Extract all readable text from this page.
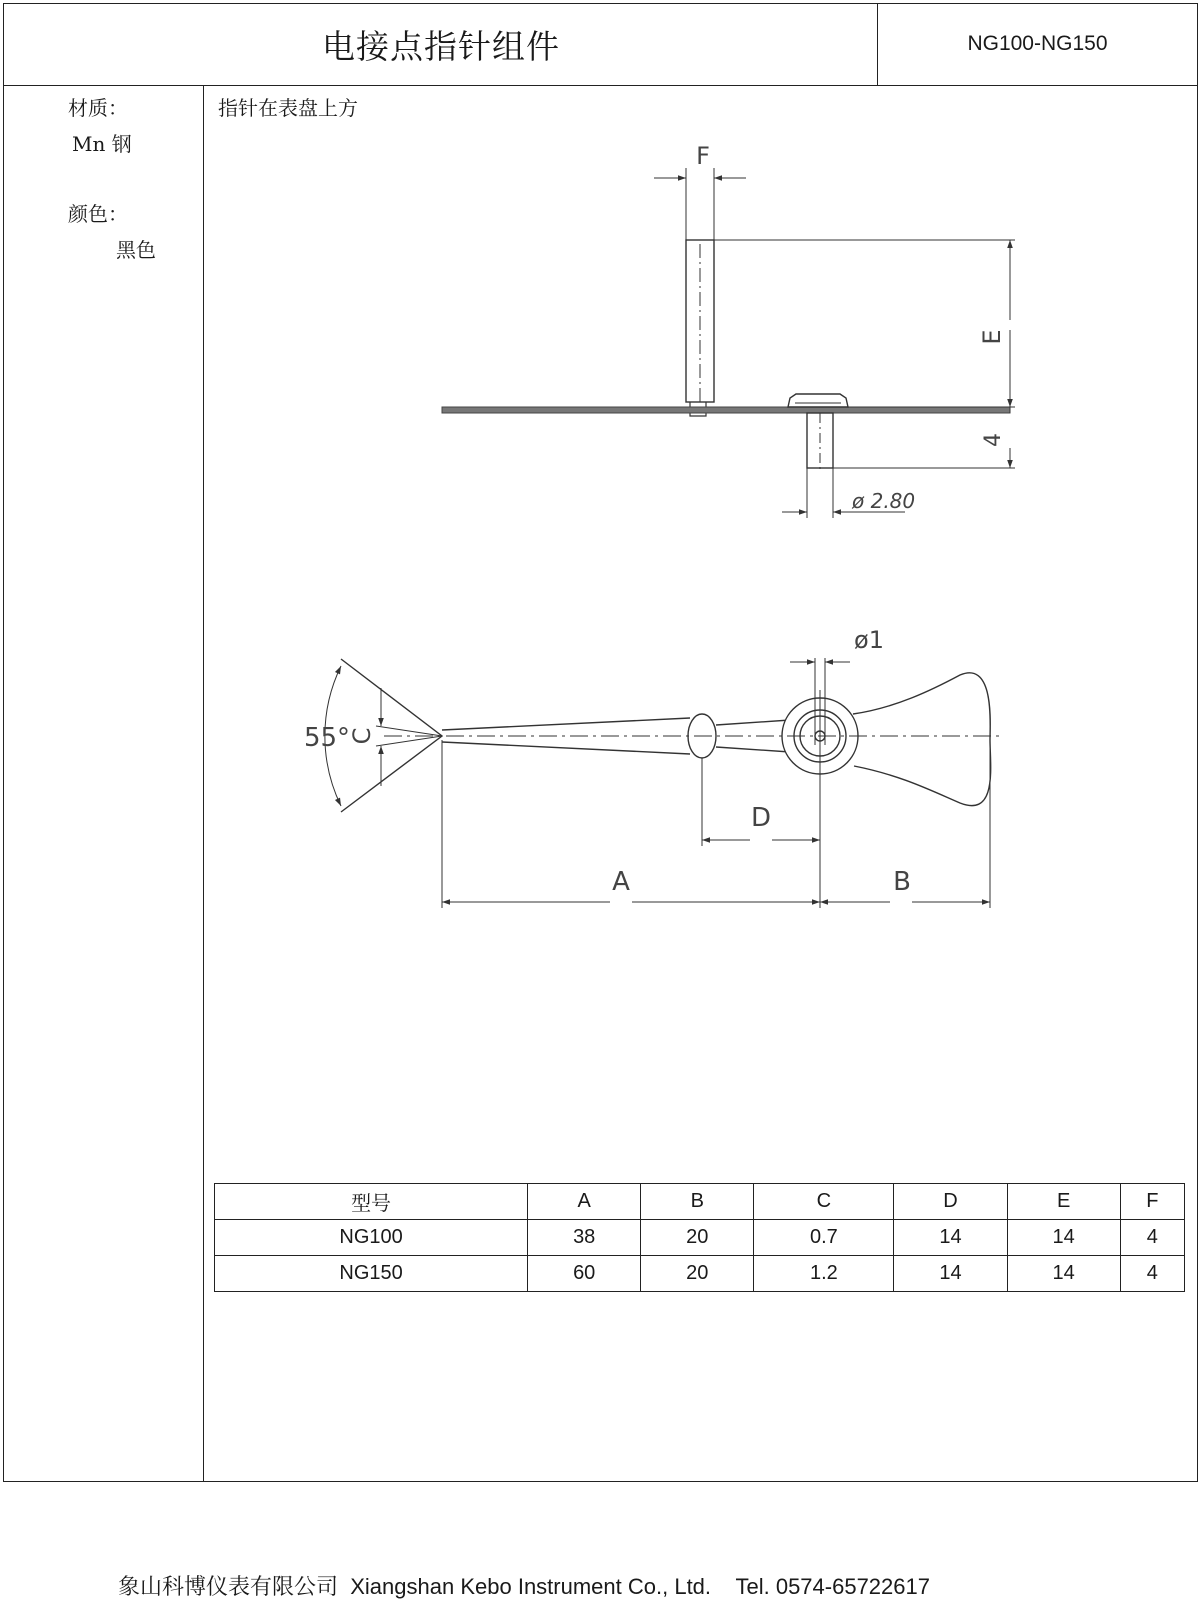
电接点指针组件	NG100-NG150
材质：
Mn 钢
颜色：
黑色
指针在表盘上方
F
E
4
ø 2.80
ø1
55°
C
D
A	B
型号	A	B	C	D	E	F
NG100	38	20	0.7	14	14	4
NG150	60	20	1.2	14	14	4
象山科博仪表有限公司 Xiangshan Kebo Instrument Co., Ltd. Tel. 0574-65722617
